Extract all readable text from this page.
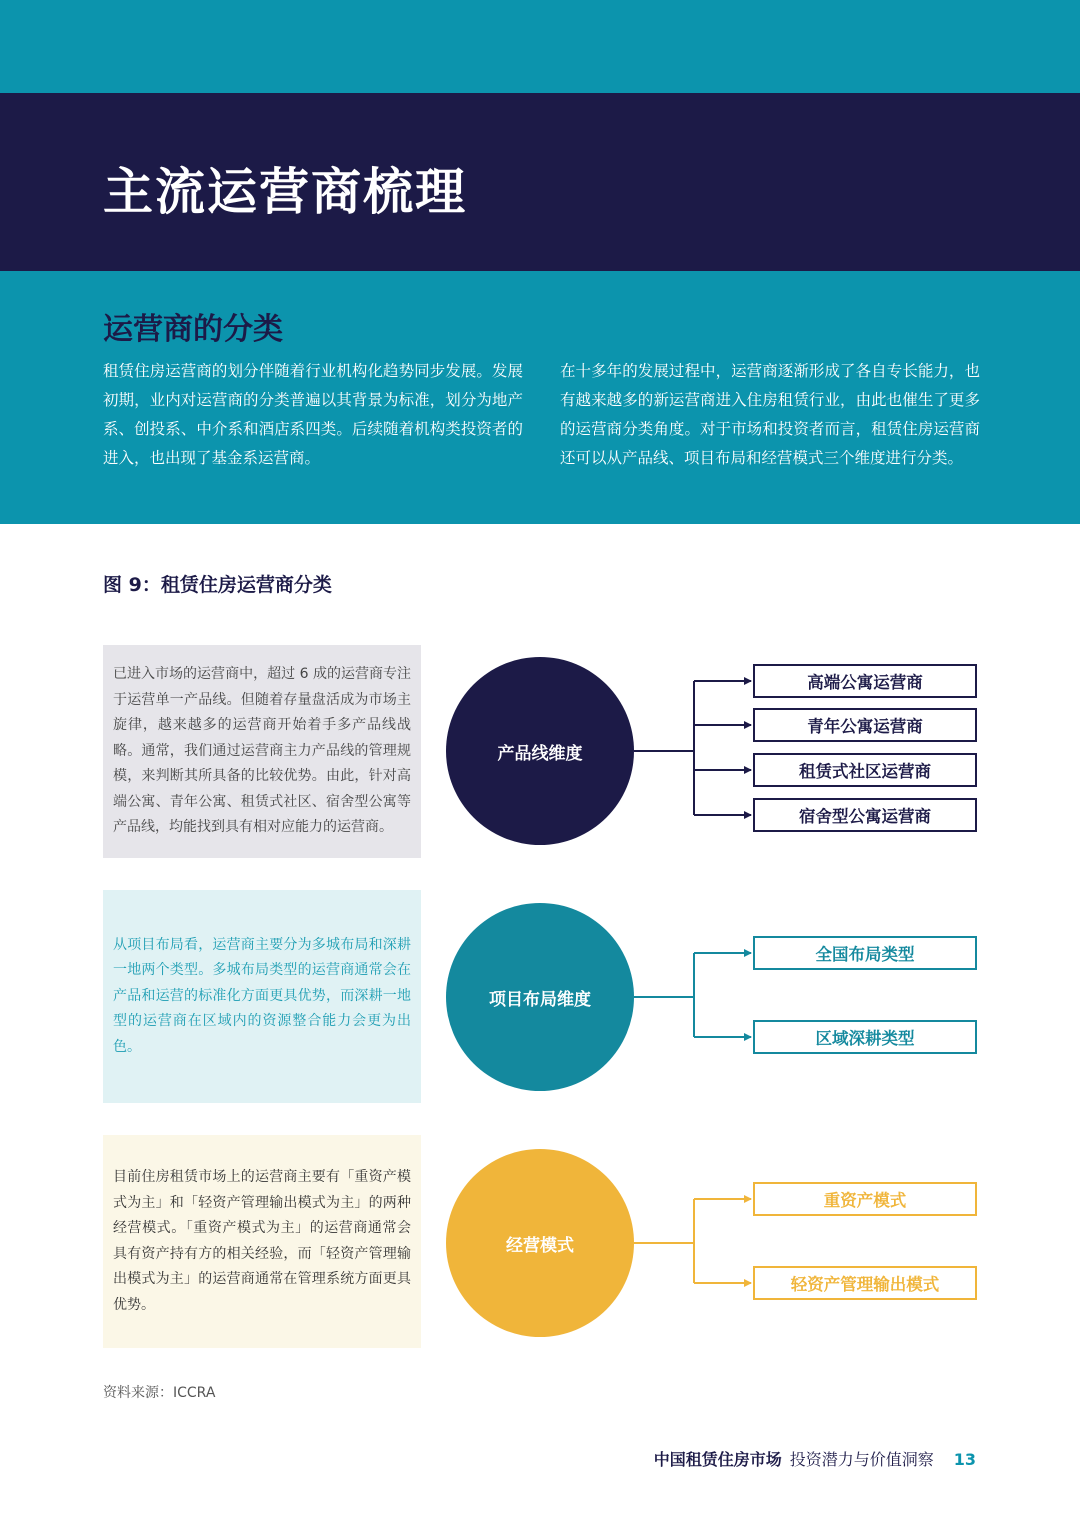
主流运营商梳理
运营商的分类

租赁住房运营商的划分伴随着行业机构化趋势同步发展。发展初期，业内对运营商的分类普遍以其背景为标准，划分为地产系、创投系、中介系和酒店系四类。后续随着机构类投资者的进入，也出现了基金系运营商。

在十多年的发展过程中，运营商逐渐形成了各自专长能力，也有越来越多的新运营商进入住房租赁行业，由此也催生了更多的运营商分类角度。对于市场和投资者而言，租赁住房运营商还可以从产品线、项目布局和经营模式三个维度进行分类。

图 9：租赁住房运营商分类

已进入市场的运营商中，超过 6 成的运营商专注于运营单一产品线。但随着存量盘活成为市场主旋律，越来越多的运营商开始着手多产品线战略。通常，我们通过运营商主力产品线的管理规模，来判断其所具备的比较优势。由此，针对高端公寓、青年公寓、租赁式社区、宿舍型公寓等产品线，均能找到具有相对应能力的运营商。

从项目布局看，运营商主要分为多城布局和深耕一地两个类型。多城布局类型的运营商通常会在产品和运营的标准化方面更具优势，而深耕一地型的运营商在区域内的资源整合能力会更为出色。

目前住房租赁市场上的运营商主要有「重资产模式为主」和「轻资产管理输出模式为主」的两种经营模式。「重资产模式为主」的运营商通常会具有资产持有方的相关经验，而「轻资产管理输出模式为主」的运营商通常在管理系统方面更具优势。

产品线维度
项目布局维度
经营模式
高端公寓运营商
青年公寓运营商
租赁式社区运营商
宿舍型公寓运营商
全国布局类型
区域深耕类型
重资产模式
轻资产管理输出模式

资料来源：ICCRA

中国租赁住房市场 投资潜力与价值洞察 13
